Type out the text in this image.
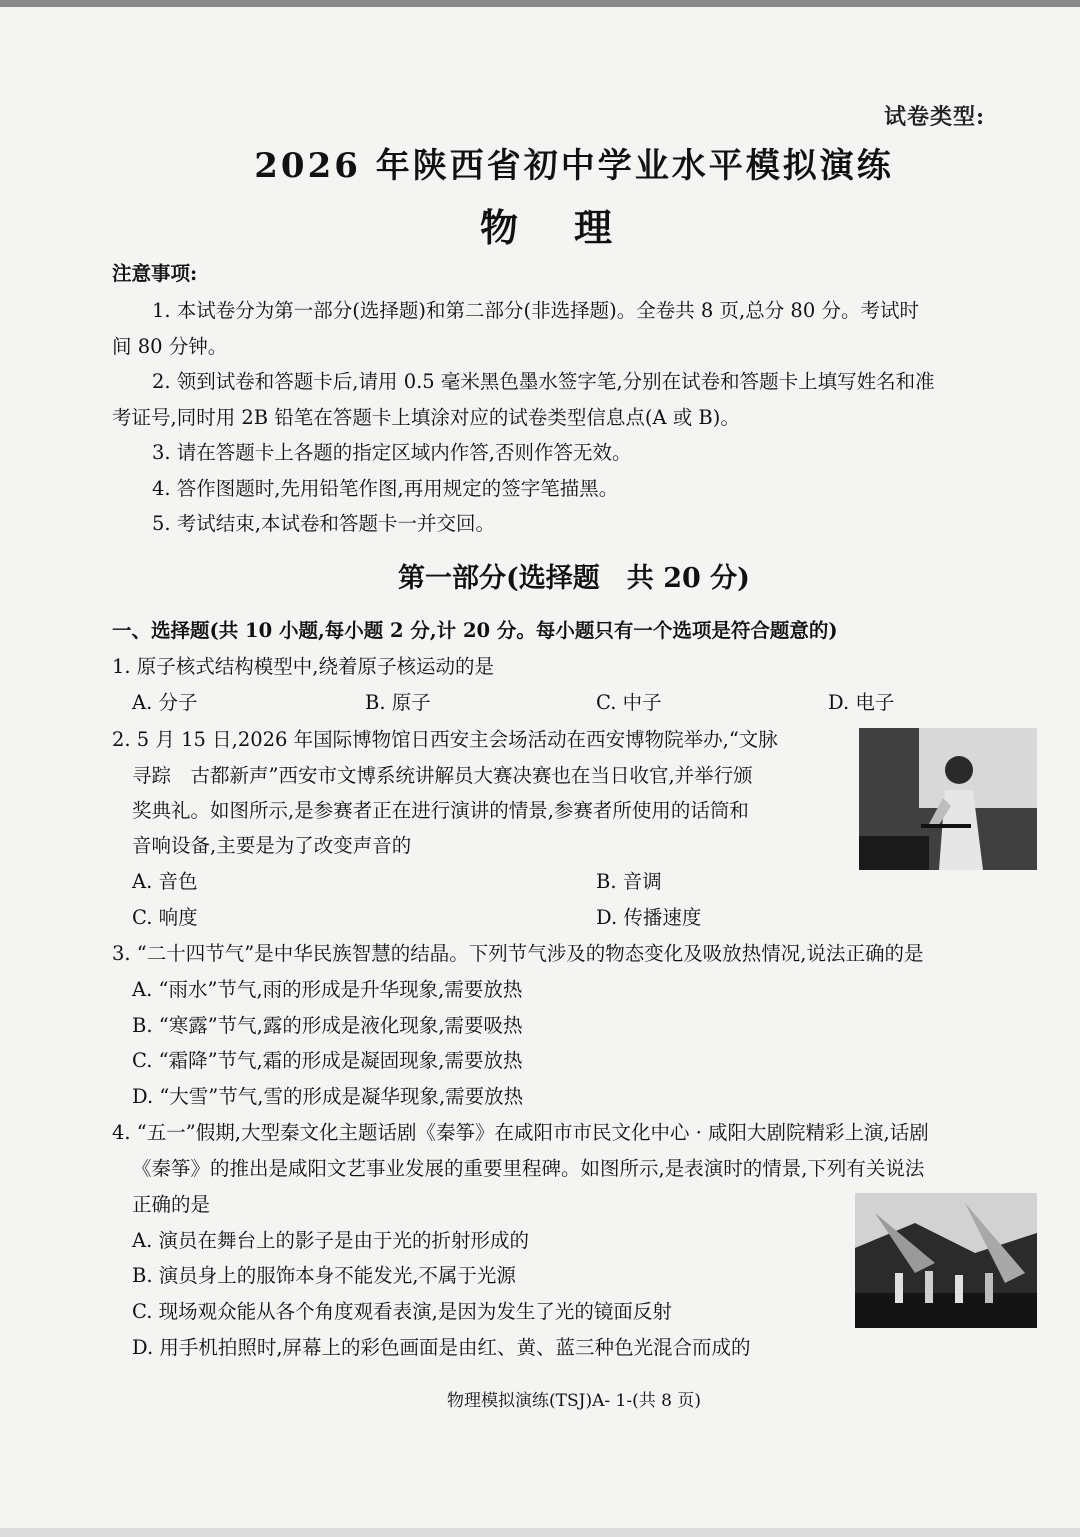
试卷类型:
2026 年陕西省初中学业水平模拟演练
物理
注意事项:
1. 本试卷分为第一部分(选择题)和第二部分(非选择题)。全卷共 8 页,总分 80 分。考试时
间 80 分钟。
2. 领到试卷和答题卡后,请用 0.5 毫米黑色墨水签字笔,分别在试卷和答题卡上填写姓名和准
考证号,同时用 2B 铅笔在答题卡上填涂对应的试卷类型信息点(A 或 B)。
3. 请在答题卡上各题的指定区域内作答,否则作答无效。
4. 答作图题时,先用铅笔作图,再用规定的签字笔描黑。
5. 考试结束,本试卷和答题卡一并交回。
第一部分(选择题　共 20 分)
一、选择题(共 10 小题,每小题 2 分,计 20 分。每小题只有一个选项是符合题意的)
1. 原子核式结构模型中,绕着原子核运动的是
A. 分子	B. 原子	C. 中子	D. 电子
2. 5 月 15 日,2026 年国际博物馆日西安主会场活动在西安博物院举办,“文脉
寻踪　古都新声”西安市文博系统讲解员大赛决赛也在当日收官,并举行颁
奖典礼。如图所示,是参赛者正在进行演讲的情景,参赛者所使用的话筒和
音响设备,主要是为了改变声音的
A. 音色	B. 音调
C. 响度	D. 传播速度
3. “二十四节气”是中华民族智慧的结晶。下列节气涉及的物态变化及吸放热情况,说法正确的是
A. “雨水”节气,雨的形成是升华现象,需要放热
B. “寒露”节气,露的形成是液化现象,需要吸热
C. “霜降”节气,霜的形成是凝固现象,需要放热
D. “大雪”节气,雪的形成是凝华现象,需要放热
4. “五一”假期,大型秦文化主题话剧《秦筝》在咸阳市市民文化中心 · 咸阳大剧院精彩上演,话剧
《秦筝》的推出是咸阳文艺事业发展的重要里程碑。如图所示,是表演时的情景,下列有关说法
正确的是
A. 演员在舞台上的影子是由于光的折射形成的
B. 演员身上的服饰本身不能发光,不属于光源
C. 现场观众能从各个角度观看表演,是因为发生了光的镜面反射
D. 用手机拍照时,屏幕上的彩色画面是由红、黄、蓝三种色光混合而成的
物理模拟演练(TSJ)A- 1-(共 8 页)
